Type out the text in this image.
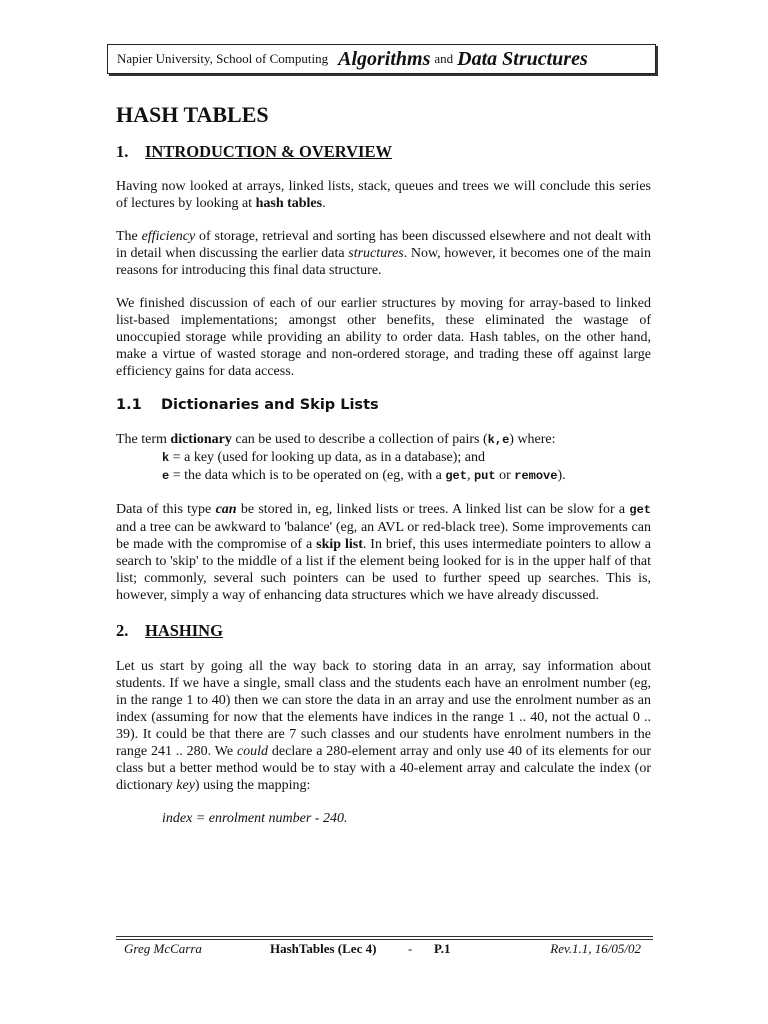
Napier University, School of Computing Algorithms and Data Structures
HASH TABLES
1. INTRODUCTION & OVERVIEW

Having now looked at arrays, linked lists, stack, queues and trees we will conclude this series of lectures by looking at hash tables.

The efficiency of storage, retrieval and sorting has been discussed elsewhere and not dealt with in detail when discussing the earlier data structures. Now, however, it becomes one of the main reasons for introducing this final data structure.

We finished discussion of each of our earlier structures by moving for array-based to linked list-based implementations; amongst other benefits, these eliminated the wastage of unoccupied storage while providing an ability to order data. Hash tables, on the other hand, make a virtue of wasted storage and non-ordered storage, and trading these off against large efficiency gains for data access.

1.1 Dictionaries and Skip Lists

The term dictionary can be used to describe a collection of pairs (k,e) where:

k = a key (used for looking up data, as in a database); and

e = the data which is to be operated on (eg, with a get, put or remove).

Data of this type can be stored in, eg, linked lists or trees. A linked list can be slow for a get and a tree can be awkward to 'balance' (eg, an AVL or red-black tree). Some improvements can be made with the compromise of a skip list. In brief, this uses intermediate pointers to allow a search to 'skip' to the middle of a list if the element being looked for is in the upper half of that list; commonly, several such pointers can be used to further speed up searches. This is, however, simply a way of enhancing data structures which we have already discussed.

2. HASHING

Let us start by going all the way back to storing data in an array, say information about students. If we have a single, small class and the students each have an enrolment number (eg, in the range 1 to 40) then we can store the data in an array and use the enrolment number as an index (assuming for now that the elements have indices in the range 1 .. 40, not the actual 0 .. 39). It could be that there are 7 such classes and our students have enrolment numbers in the range 241 .. 280. We could declare a 280-element array and only use 40 of its elements for our class but a better method would be to stay with a 40-element array and calculate the index (or dictionary key) using the mapping:

index = enrolment number - 240.

Greg McCarra	HashTables (Lec 4) - P.1	Rev.1.1, 16/05/02
